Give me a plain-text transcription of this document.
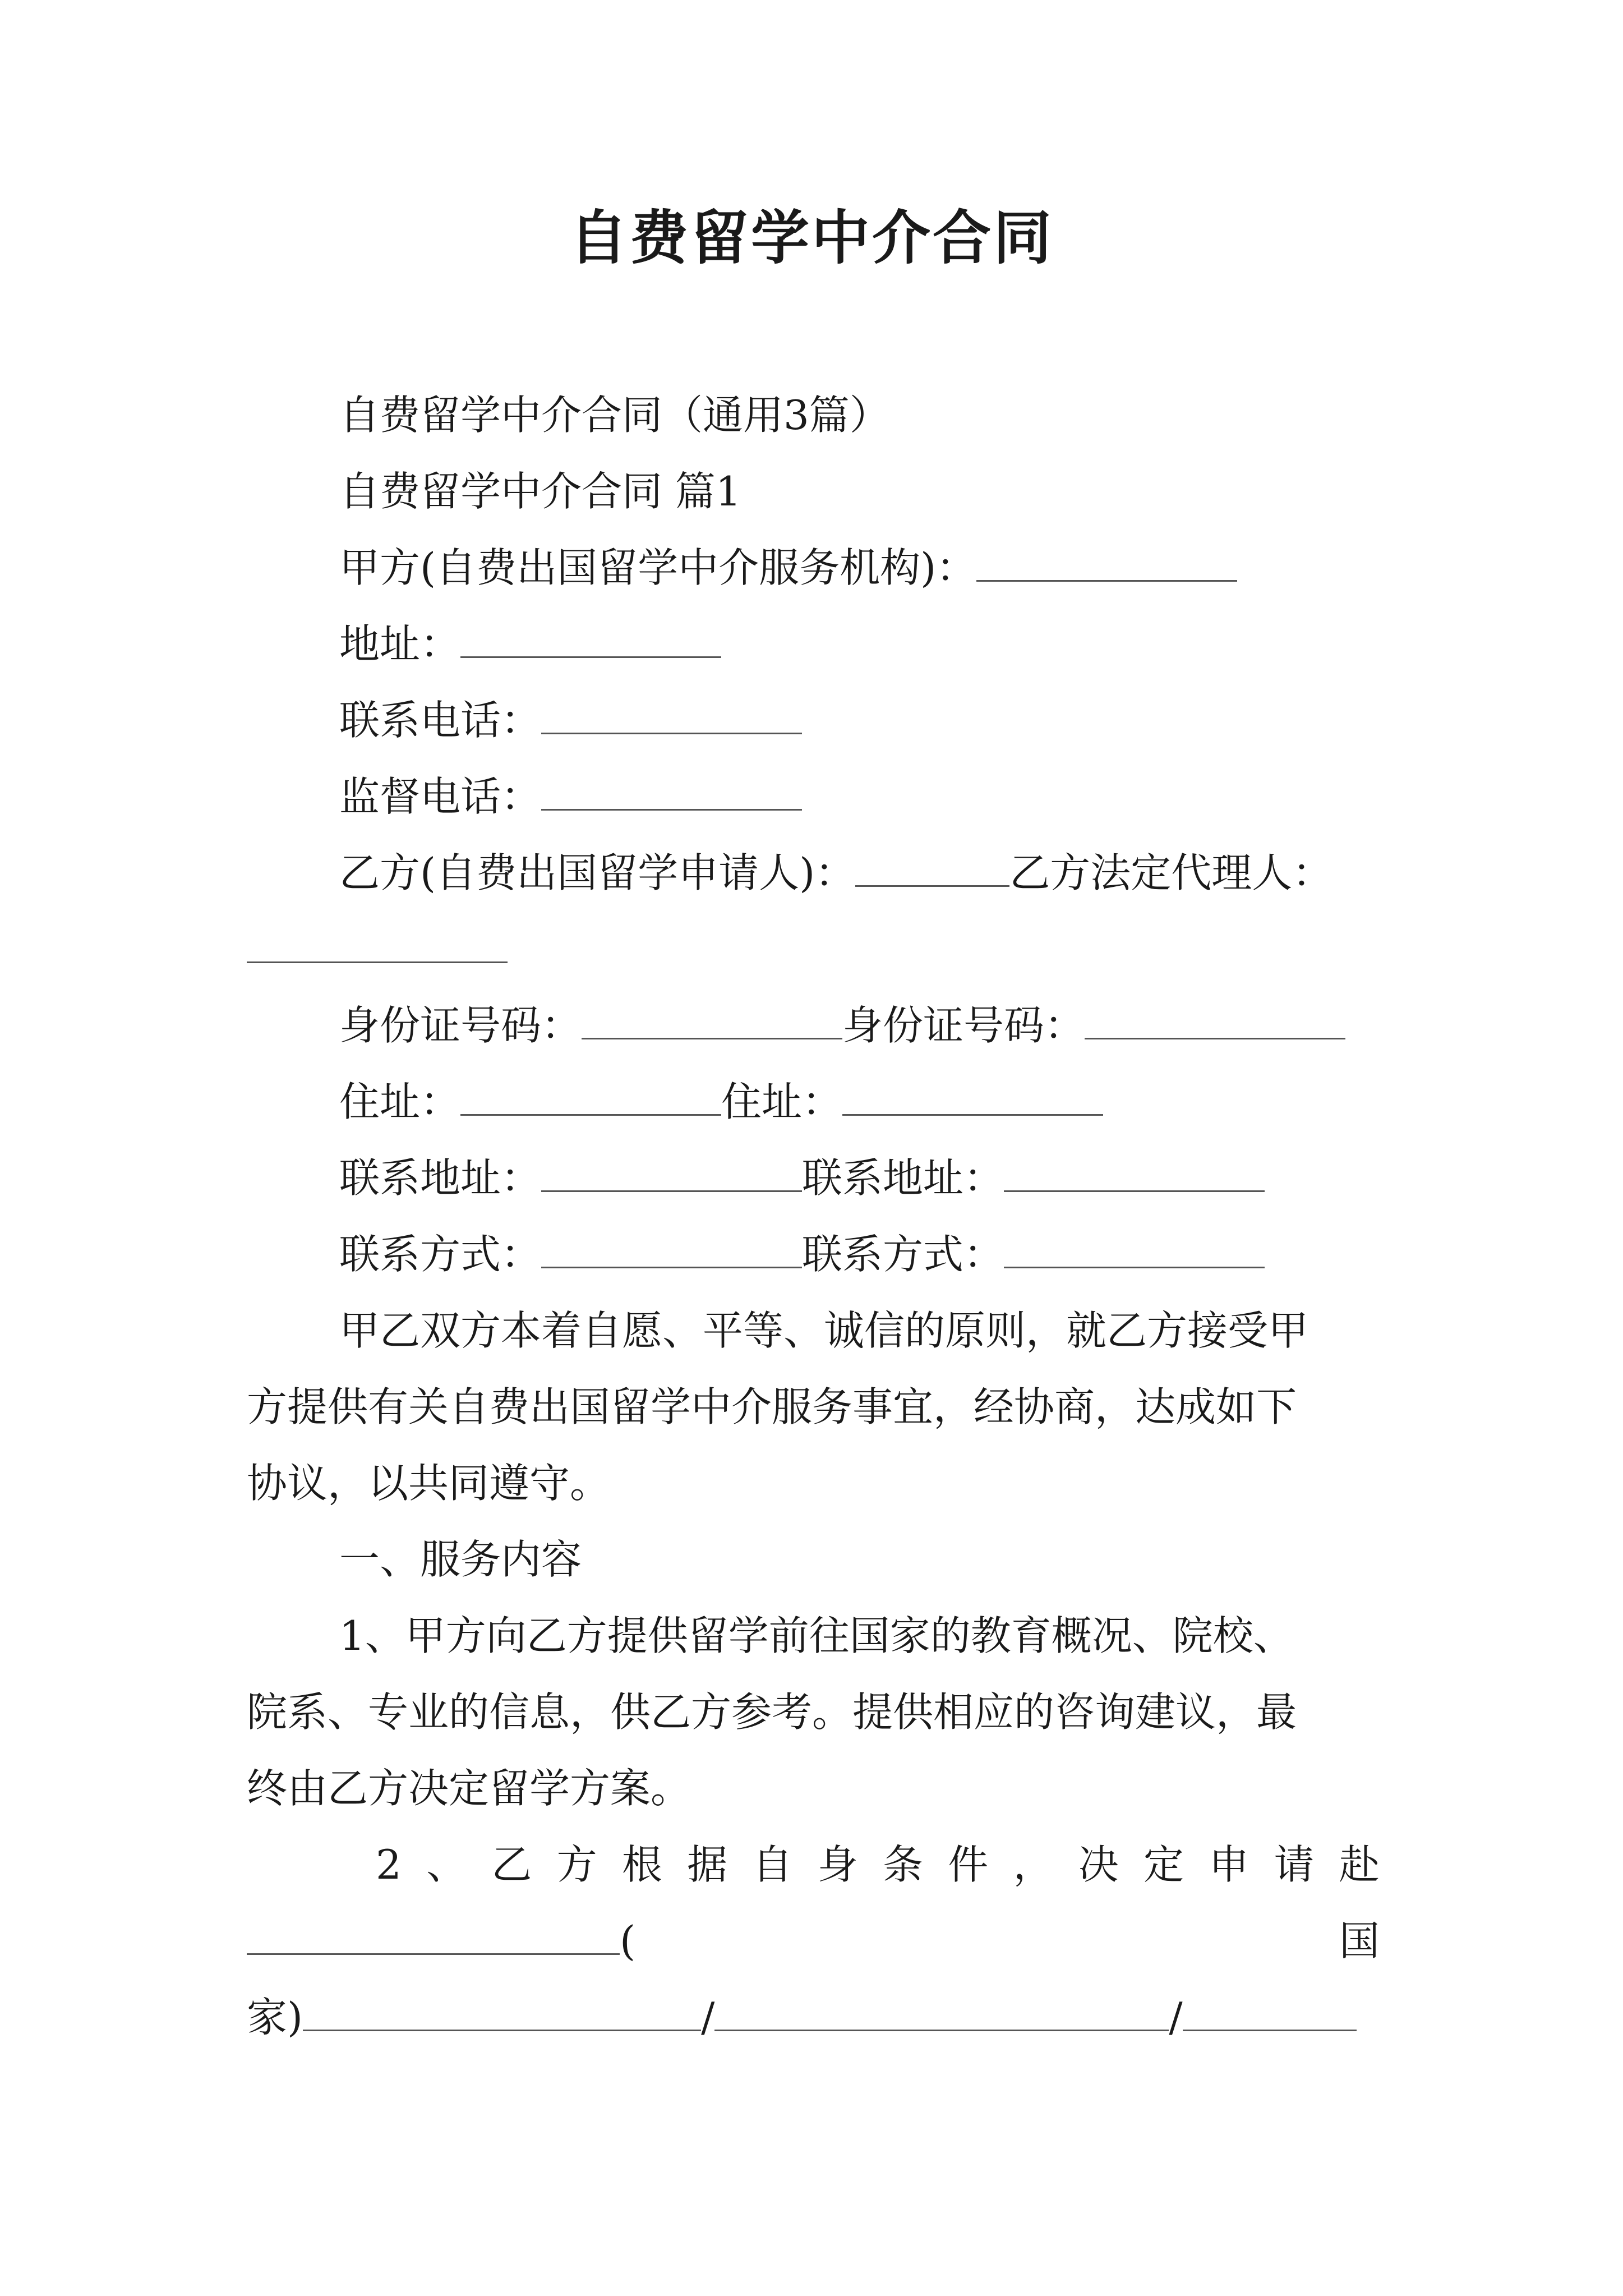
自费留学中介合同
自费留学中介合同（通用3篇）
自费留学中介合同 篇1
甲方(自费出国留学中介服务机构)：
地址：
联系电话：
监督电话：
乙方(自费出国留学申请人)：	乙方法定代理人：
身份证号码：	身份证号码：
住址：	住址：
联系地址：	联系地址：
联系方式：	联系方式：
甲乙双方本着自愿、平等、诚信的原则，就乙方接受甲
方提供有关自费出国留学中介服务事宜，经协商，达成如下
协议，以共同遵守。
一、服务内容
1、甲方向乙方提供留学前往国家的教育概况、院校、
院系、专业的信息，供乙方参考。提供相应的咨询建议，最
终由乙方决定留学方案。
2 、 乙 方 根 据 自 身 条 件 ， 决 定 申 请 赴
(	国
家)	/	/
